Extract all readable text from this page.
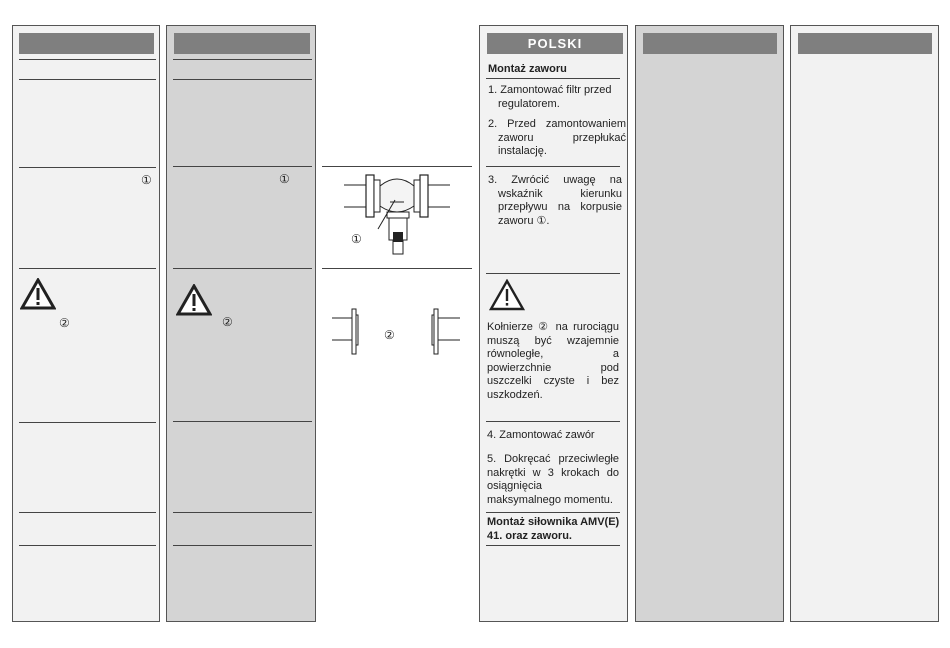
①
②
①
②
①
②
POLSKI
Montaż zaworu
1. Zamontować filtr przed regulatorem.
2. Przed zamontowaniem zaworu przepłukać instalację.
3. Zwrócić uwagę na wskaźnik kierunku przepływu na korpusie zaworu ①.
Kołnierze ② na rurociągu muszą być wzajemnie równoległe, a powierzchnie pod uszczelki czyste i bez uszkodzeń.
4. Zamontować zawór
5. Dokręcać przeciwległe nakrętki w 3 krokach do osiągnięcia maksymalnego momentu.
Montaż siłownika AMV(E) 41. oraz zaworu.
